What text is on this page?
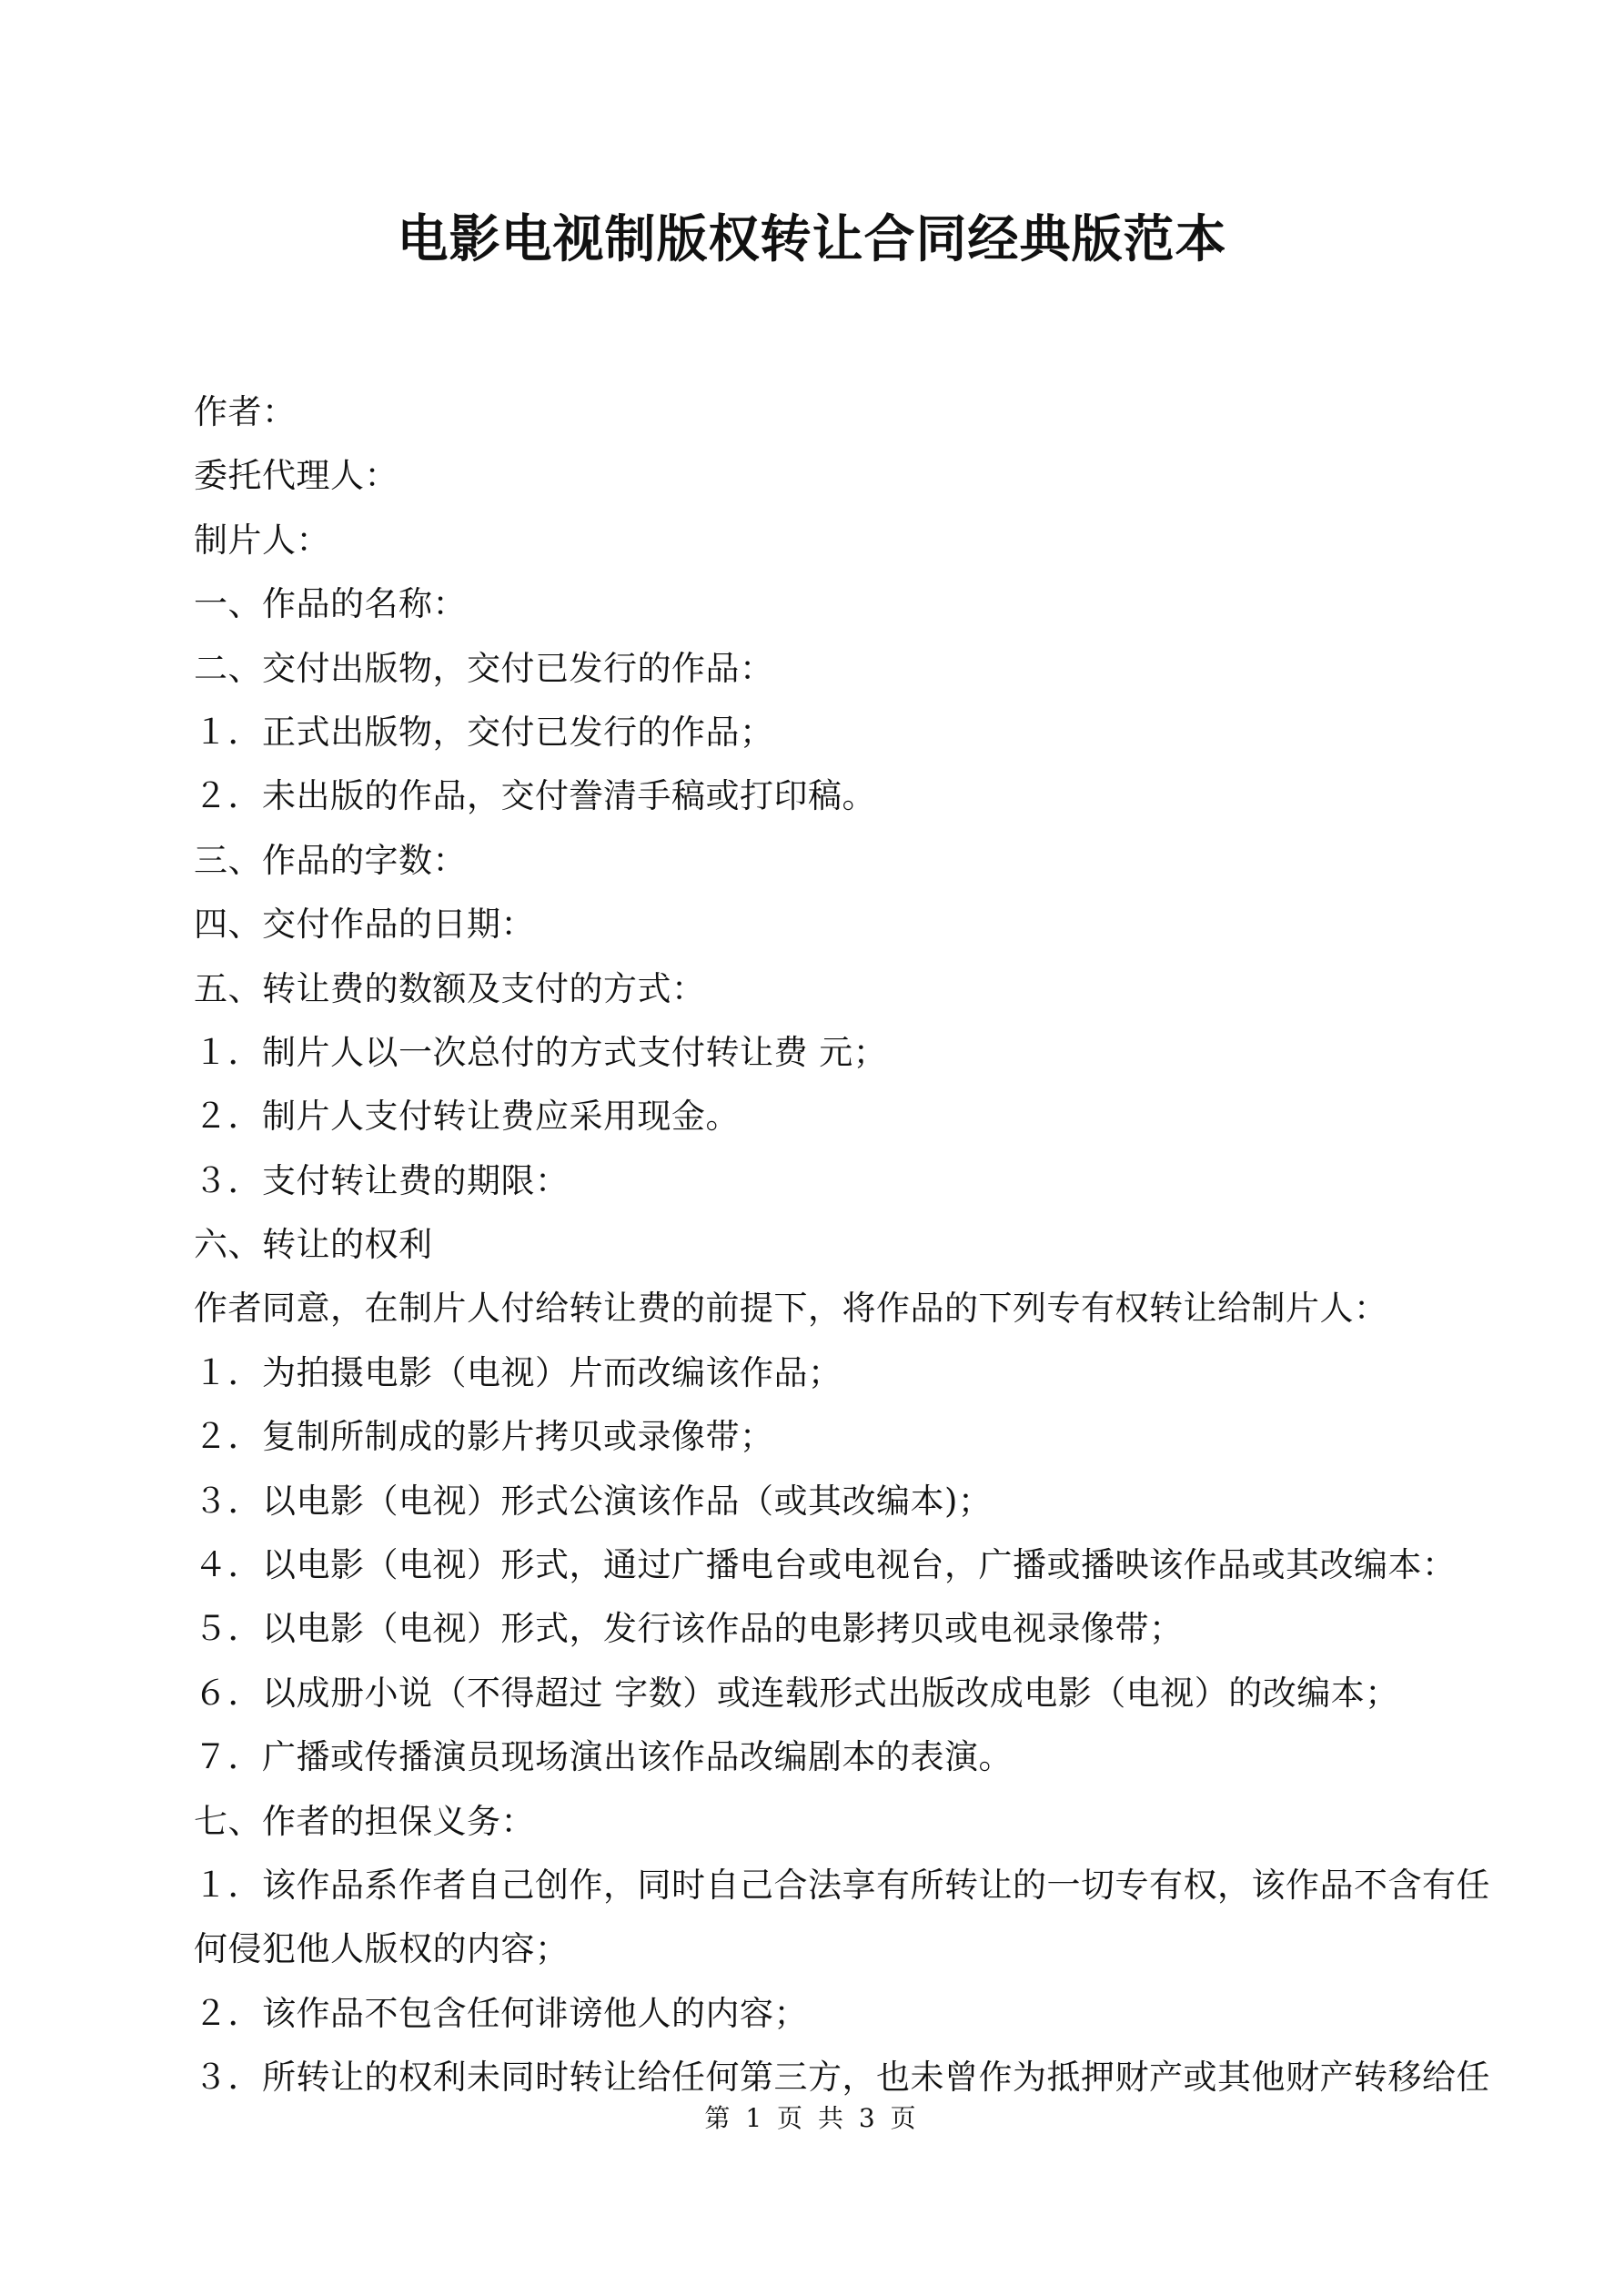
电影电视制版权转让合同经典版范本
作者：
委托代理人：
制片人：
一、作品的名称：
二、交付出版物，交付已发行的作品：
１．正式出版物，交付已发行的作品；
２．未出版的作品，交付誊清手稿或打印稿。
三、作品的字数：
四、交付作品的日期：
五、转让费的数额及支付的方式：
１．制片人以一次总付的方式支付转让费 元；
２．制片人支付转让费应采用现金。
３．支付转让费的期限：
六、转让的权利
作者同意，在制片人付给转让费的前提下，将作品的下列专有权转让给制片人：
１．为拍摄电影（电视）片而改编该作品；
２．复制所制成的影片拷贝或录像带；
３．以电影（电视）形式公演该作品（或其改编本)；
４．以电影（电视）形式，通过广播电台或电视台，广播或播映该作品或其改编本：
５．以电影（电视）形式，发行该作品的电影拷贝或电视录像带；
６．以成册小说（不得超过 字数）或连载形式出版改成电影（电视）的改编本；
７．广播或传播演员现场演出该作品改编剧本的表演。
七、作者的担保义务：
１．该作品系作者自己创作，同时自己合法享有所转让的一切专有权，该作品不含有任
何侵犯他人版权的内容；
２．该作品不包含任何诽谤他人的内容；
３．所转让的权利未同时转让给任何第三方，也未曾作为抵押财产或其他财产转移给任
第 1 页 共 3 页
